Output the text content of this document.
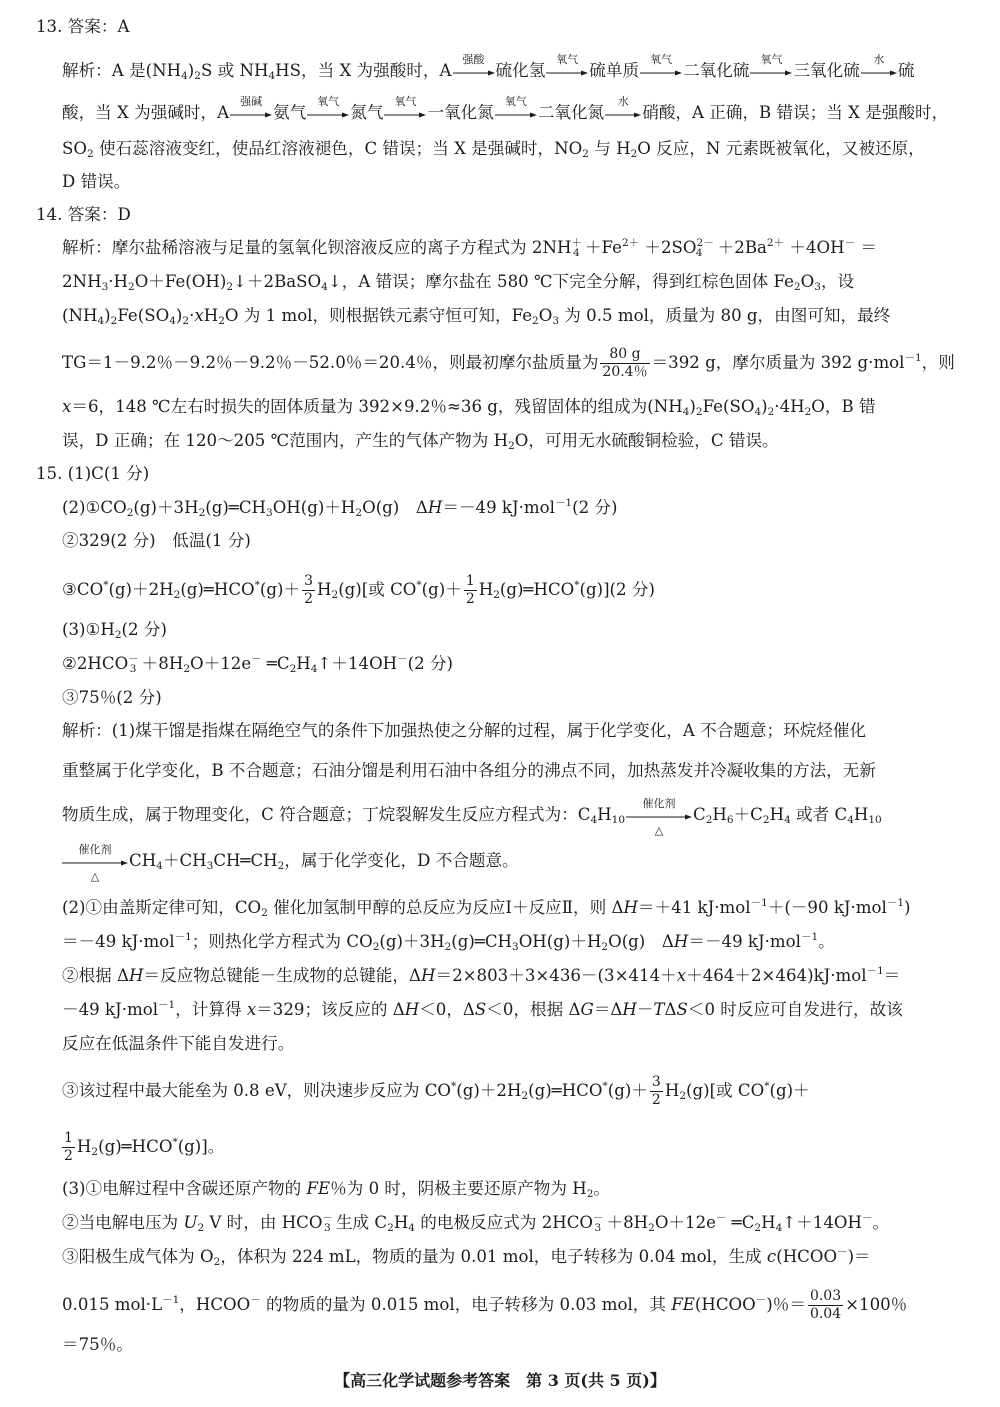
13. 答案：A
解析：A 是$(NH_4)_2S$ 或 $NH_4HS$，当 X 为强酸时，A
强酸
硫化氢
氧气
硫单质
氧气
二氧化硫
氧气
三氧化硫
水
硫
酸，当 X 为强碱时，A
强碱
氨气
氧气
氮气
氧气
一氧化氮
氧气
二氧化氮
水
硝酸，A 正确，B 错误；当 X 是强酸时，
$SO_2$ 使石蕊溶液变红，使品红溶液褪色，C 错误；当 X 是强碱时，$NO_2$ 与 $H_2O$ 反应，N 元素既被氧化，又被还原，
D 错误。
14. 答案：D
解析：摩尔盐稀溶液与足量的氢氧化钡溶液反应的离子方程式为 $2NH^+_4 +Fe^{2+} +2SO^{2-}_4 +2Ba^{2+} +4OH^-$ ＝
$2NH_3\cdot H_2O+Fe(OH)_2↓+2BaSO_4↓$，A 错误；摩尔盐在 580 ℃下完全分解，得到红棕色固体 $Fe_2O_3$，设
$(NH_4)_2Fe(SO_4)_2\cdot xH_2O$ 为 1 mol，则根据铁元素守恒可知，$Fe_2O_3$ 为 0.5 mol，质量为 80 g，由图可知，最终
TG＝1－9.2％－9.2％－9.2％－52.0％＝20.4％，则最初摩尔盐质量为 $\frac{80 g}{20.4\%} =392$ g，摩尔质量为 392 g·mol$^{-1}$，则
x＝6，148 ℃左右时损失的固体质量为 392×9.2％≈36 g，残留固体的组成为$(NH_4)_2Fe(SO_4)_2\cdot 4H_2O$，B 错
误，D 正确；在 120～205 ℃范围内，产生的气体产物为 $H_2O$，可用无水硫酸铜检验，C 错误。
15. (1)C(1 分)
$(2)①CO_2(g)+3H_2(g)═CH_3OH(g)+H_2O(g)$　ΔH＝－49 kJ·mol$^{-1}$(2 分)
②329(2 分)　低温(1 分)
$③CO^*(g)+2H_2(g)═HCO^*(g)+ \frac{3}{2} H_2(g)$[或 $CO^*(g)+ \frac{1}{2}$ $H_2(g)═HCO^*(g)](2$ 分)
$(3)①H_2(2$ 分)
$②2HCO^-_3 +8H_2O+12e^-$ $═C_2H_4↑+14OH^-(2$ 分)
③75％(2 分)
解析：(1)煤干馏是指煤在隔绝空气的条件下加强热使之分解的过程，属于化学变化，A 不合题意；环烷烃催化
重整属于化学变化，B 不合题意；石油分馏是利用石油中各组分的沸点不同，加热蒸发并冷凝收集的方法，无新
物质生成，属于物理变化，C 符合题意；丁烷裂解发生反应方程式为：$C_4H_{10}$
催化剂
△
$C_2H_6+C_2H_4$ 或者 $C_4H_{10}$
催化剂
△
$CH_4+CH_3CH═CH_2$，属于化学变化，D 不合题意。
(2)①由盖斯定律可知，$CO_2$ 催化加氢制甲醇的总反应为反应Ⅰ＋反应Ⅱ，则 ΔH＝＋41 kJ·mol$^{-1}$＋(－90 kJ·mol$^{-1}$)
＝－49 kJ·mol$^{-1}$；则热化学方程式为 $CO_2(g)+3H_2(g)═CH_3OH(g)+H_2O(g)$　ΔH＝－49 kJ·mol$^{-1}$。
②根据 ΔH＝反应物总键能－生成物的总键能，ΔH＝2×803＋3×436－(3×414＋x＋464＋2×464)kJ·mol$^{-1}$＝
－49 kJ·mol$^{-1}$，计算得 x＝329；该反应的 ΔH＜0，ΔS＜0，根据 ΔG＝ΔH－TΔS＜0 时反应可自发进行，故该
反应在低温条件下能自发进行。
③该过程中最大能垒为 0.8 eV，则决速步反应为 $CO^*(g)+2H_2(g)═HCO^*(g)+ \frac{3}{2} H_2(g)$[或 CO*(g)＋
$\frac{1}{2}$ $H_2(g)═HCO^*(g)$]。
(3)①电解过程中含碳还原产物的 FE％为 0 时，阴极主要还原产物为 $H_2$。
②当电解电压为 $U_2$ V 时，由 $HCO^-_3$ 生成 $C_2H_4$ 的电极反应式为 $2HCO^-_3 +8H_2O+12e^-$ $═C_2H_4↑+14OH^-$。
③阳极生成气体为 $O_2$，体积为 224 mL，物质的量为 0.01 mol，电子转移为 0.04 mol，生成 c(HCOO－)＝
0.015 $mol\cdot L^{-1}$，HCOO－ 的物质的量为 0.015 mol，电子转移为 0.03 mol，其 FE(HCOO－)％＝ $\frac{0.03}{0.04} \times 100$％
＝75％。
【高三化学试题参考答案　第 3 页(共 5 页)】
